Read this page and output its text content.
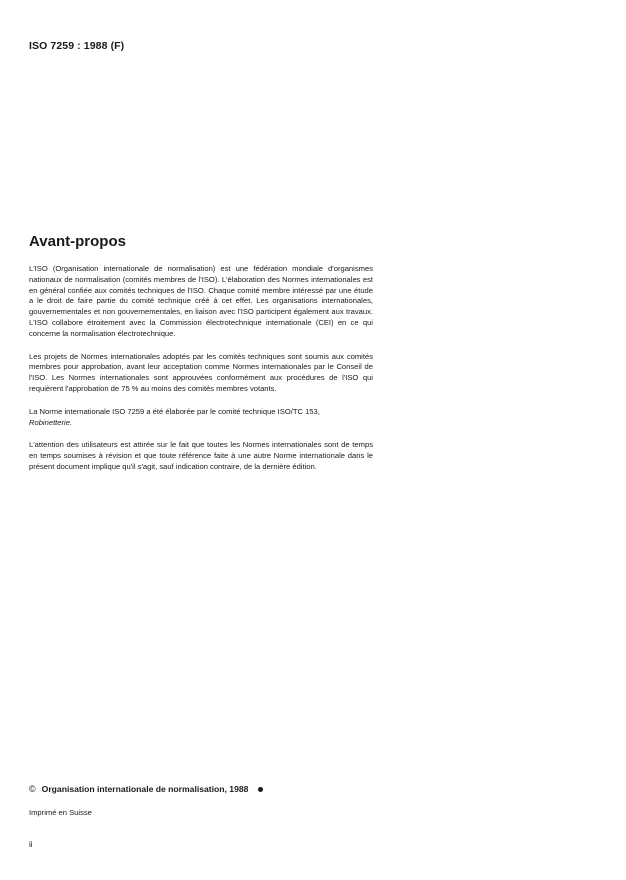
ISO 7259 : 1988 (F)
Avant-propos

L'ISO (Organisation internationale de normalisation) est une fédération mondiale d'organismes nationaux de normalisation (comités membres de l'ISO). L'élaboration des Normes internationales est en général confiée aux comités techniques de l'ISO. Chaque comité membre intéressé par une étude a le droit de faire partie du comité technique créé à cet effet. Les organisations internationales, gouvernementales et non gouvernementales, en liaison avec l'ISO participent également aux travaux. L'ISO collabore étroitement avec la Commission électrotechnique internationale (CEI) en ce qui concerne la normalisation électrotechnique.

Les projets de Normes internationales adoptés par les comités techniques sont soumis aux comités membres pour approbation, avant leur acceptation comme Normes internationales par le Conseil de l'ISO. Les Normes internationales sont approuvées conformément aux procédures de l'ISO qui requièrent l'approbation de 75 % au moins des comités membres votants.

La Norme internationale ISO 7259 a été élaborée par le comité technique ISO/TC 153,
Robinetterie.

L'attention des utilisateurs est attirée sur le fait que toutes les Normes internationales sont de temps en temps soumises à révision et que toute référence faite à une autre Norme internationale dans le présent document implique qu'il s'agit, sauf indication contraire, de la dernière édition.

© Organisation internationale de normalisation, 1988
Imprimé en Suisse
ii
